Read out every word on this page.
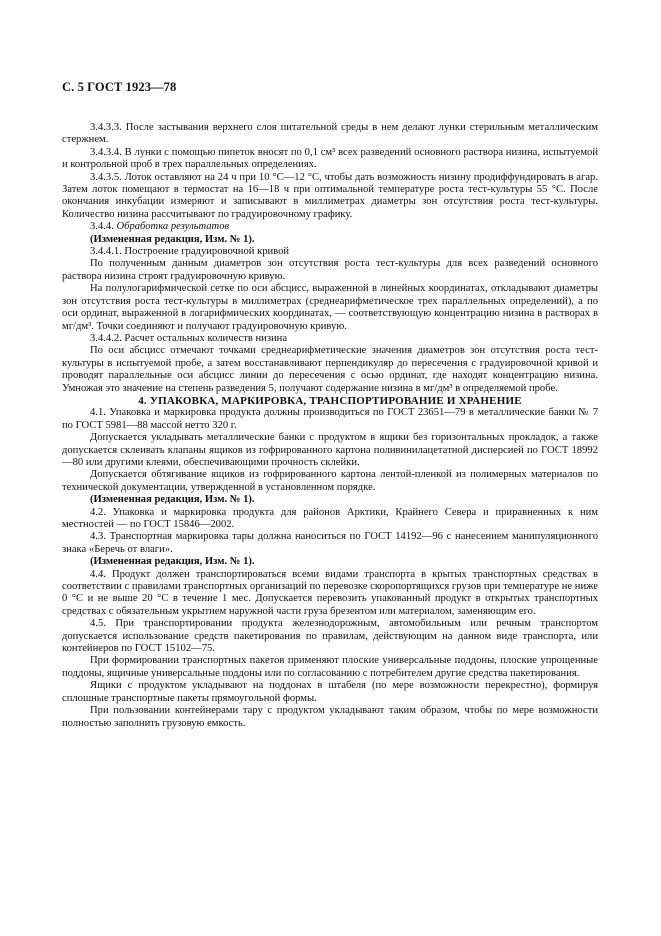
С. 5 ГОСТ 1923—78

3.4.3.3. После застывания верхнего слоя питательной среды в нем делают лунки стерильным металлическим стержнем.

3.4.3.4. В лунки с помощью пипеток вносят по 0,1 см³ всех разведений основного раствора низина, испытуемой и контрольной проб в трех параллельных определениях.

3.4.3.5. Лоток оставляют на 24 ч при 10 °С—12 °С, чтобы дать возможность низину продиффундировать в агар. Затем лоток помещают в термостат на 16—18 ч при оптимальной температуре роста тест-культуры 55 °С. После окончания инкубации измеряют и записывают в миллиметрах диаметры зон отсутствия роста тест-культуры. Количество низина рассчитывают по градуировочному графику.

3.4.4. Обработка результатов

(Измененная редакция, Изм. № 1).

3.4.4.1. Построение градуировочной кривой

По полученным данным диаметров зон отсутствия роста тест-культуры для всех разведений основного раствора низина строят градуировочную кривую.

На полулогарифмической сетке по оси абсцисс, выраженной в линейных координатах, откладывают диаметры зон отсутствия роста тест-культуры в миллиметрах (среднеарифметическое трех параллельных определений), а по оси ординат, выраженной в логарифмических координатах, — соответствующую концентрацию низина в растворах в мг/дм³. Точки соединяют и получают градуировочную кривую.

3.4.4.2. Расчет остальных количеств низина

По оси абсцисс отмечают точками среднеарифметические значения диаметров зон отсутствия роста тест-культуры в испытуемой пробе, а затем восстанавливают перпендикуляр до пересечения с градуировочной кривой и проводят параллельные оси абсцисс линии до пересечения с осью ординат, где находят концентрацию низина. Умножая это значение на степень разведения 5, получают содержание низина в мг/дм³ в определяемой пробе.

4. УПАКОВКА, МАРКИРОВКА, ТРАНСПОРТИРОВАНИЕ И ХРАНЕНИЕ

4.1. Упаковка и маркировка продукта должны производиться по ГОСТ 23651—79 в металлические банки № 7 по ГОСТ 5981—88 массой нетто 320 г.

Допускается укладывать металлические банки с продуктом в ящики без горизонтальных прокладок, а также допускается склеивать клапаны ящиков из гофрированного картона поливинилацетатной дисперсией по ГОСТ 18992—80 или другими клеями, обеспечивающими прочность склейки.

Допускается обтягивание ящиков из гофрированного картона лентой-пленкой из полимерных материалов по технической документации, утвержденной в установленном порядке.

(Измененная редакция, Изм. № 1).

4.2. Упаковка и маркировка продукта для районов Арктики, Крайнего Севера и приравненных к ним местностей — по ГОСТ 15846—2002.

4.3. Транспортная маркировка тары должна наноситься по ГОСТ 14192—96 с нанесением манипуляционного знака «Беречь от влаги».

(Измененная редакция, Изм. № 1).

4.4. Продукт должен транспортироваться всеми видами транспорта в крытых транспортных средствах в соответствии с правилами транспортных организаций по перевозке скоропортящихся грузов при температуре не ниже 0 °С и не выше 20 °С в течение 1 мес. Допускается перевозить упакованный продукт в открытых транспортных средствах с обязательным укрытием наружной части груза брезентом или материалом, заменяющим его.

4.5. При транспортировании продукта железнодорожным, автомобильным или речным транспортом допускается использование средств пакетирования по правилам, действующим на данном виде транспорта, или контейнеров по ГОСТ 15102—75.

При формировании транспортных пакетов применяют плоские универсальные поддоны, плоские упрощенные поддоны, ящичные универсальные поддоны или по согласованию с потребителем другие средства пакетирования.

Ящики с продуктом укладывают на поддонах в штабеля (по мере возможности перекрестно), формируя сплошные транспортные пакеты прямоугольной формы.

При пользовании контейнерами тару с продуктом укладывают таким образом, чтобы по мере возможности полностью заполнить грузовую емкость.
